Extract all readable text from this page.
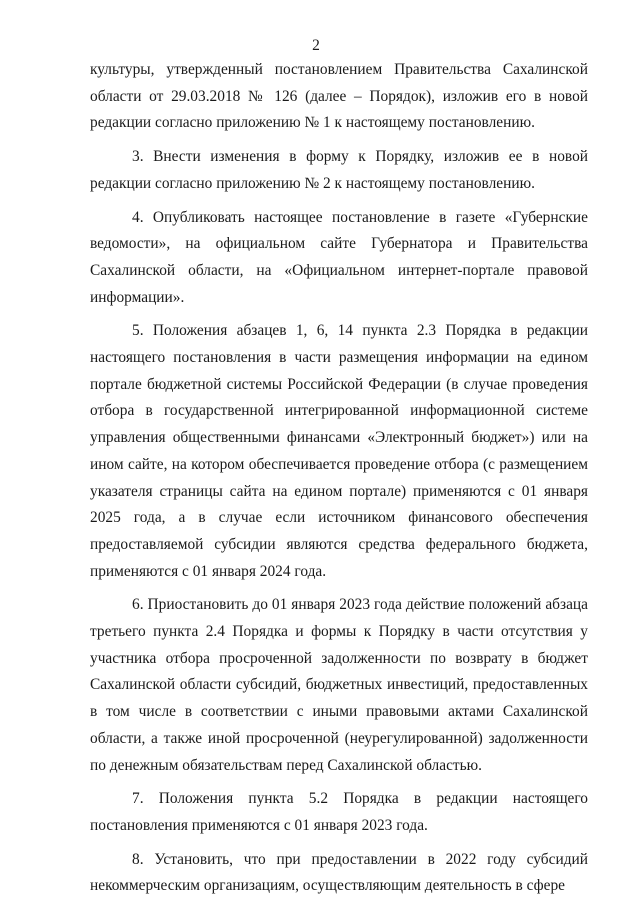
2

культуры, утвержденный постановлением Правительства Сахалинской области от 29.03.2018 № 126 (далее – Порядок), изложив его в новой редакции согласно приложению № 1 к настоящему постановлению.

3. Внести изменения в форму к Порядку, изложив ее в новой редакции согласно приложению № 2 к настоящему постановлению.

4. Опубликовать настоящее постановление в газете «Губернские ведомости», на официальном сайте Губернатора и Правительства Сахалинской области, на «Официальном интернет-портале правовой информации».

5. Положения абзацев 1, 6, 14 пункта 2.3 Порядка в редакции настоящего постановления в части размещения информации на едином портале бюджетной системы Российской Федерации (в случае проведения отбора в государственной интегрированной информационной системе управления общественными финансами «Электронный бюджет») или на ином сайте, на котором обеспечивается проведение отбора (с размещением указателя страницы сайта на едином портале) применяются с 01 января 2025 года, а в случае если источником финансового обеспечения предоставляемой субсидии являются средства федерального бюджета, применяются с 01 января 2024 года.

6. Приостановить до 01 января 2023 года действие положений абзаца третьего пункта 2.4 Порядка и формы к Порядку в части отсутствия у участника отбора просроченной задолженности по возврату в бюджет Сахалинской области субсидий, бюджетных инвестиций, предоставленных в том числе в соответствии с иными правовыми актами Сахалинской области, а также иной просроченной (неурегулированной) задолженности по денежным обязательствам перед Сахалинской областью.

7. Положения пункта 5.2 Порядка в редакции настоящего постановления применяются с 01 января 2023 года.

8. Установить, что при предоставлении в 2022 году субсидий некоммерческим организациям, осуществляющим деятельность в сфере
